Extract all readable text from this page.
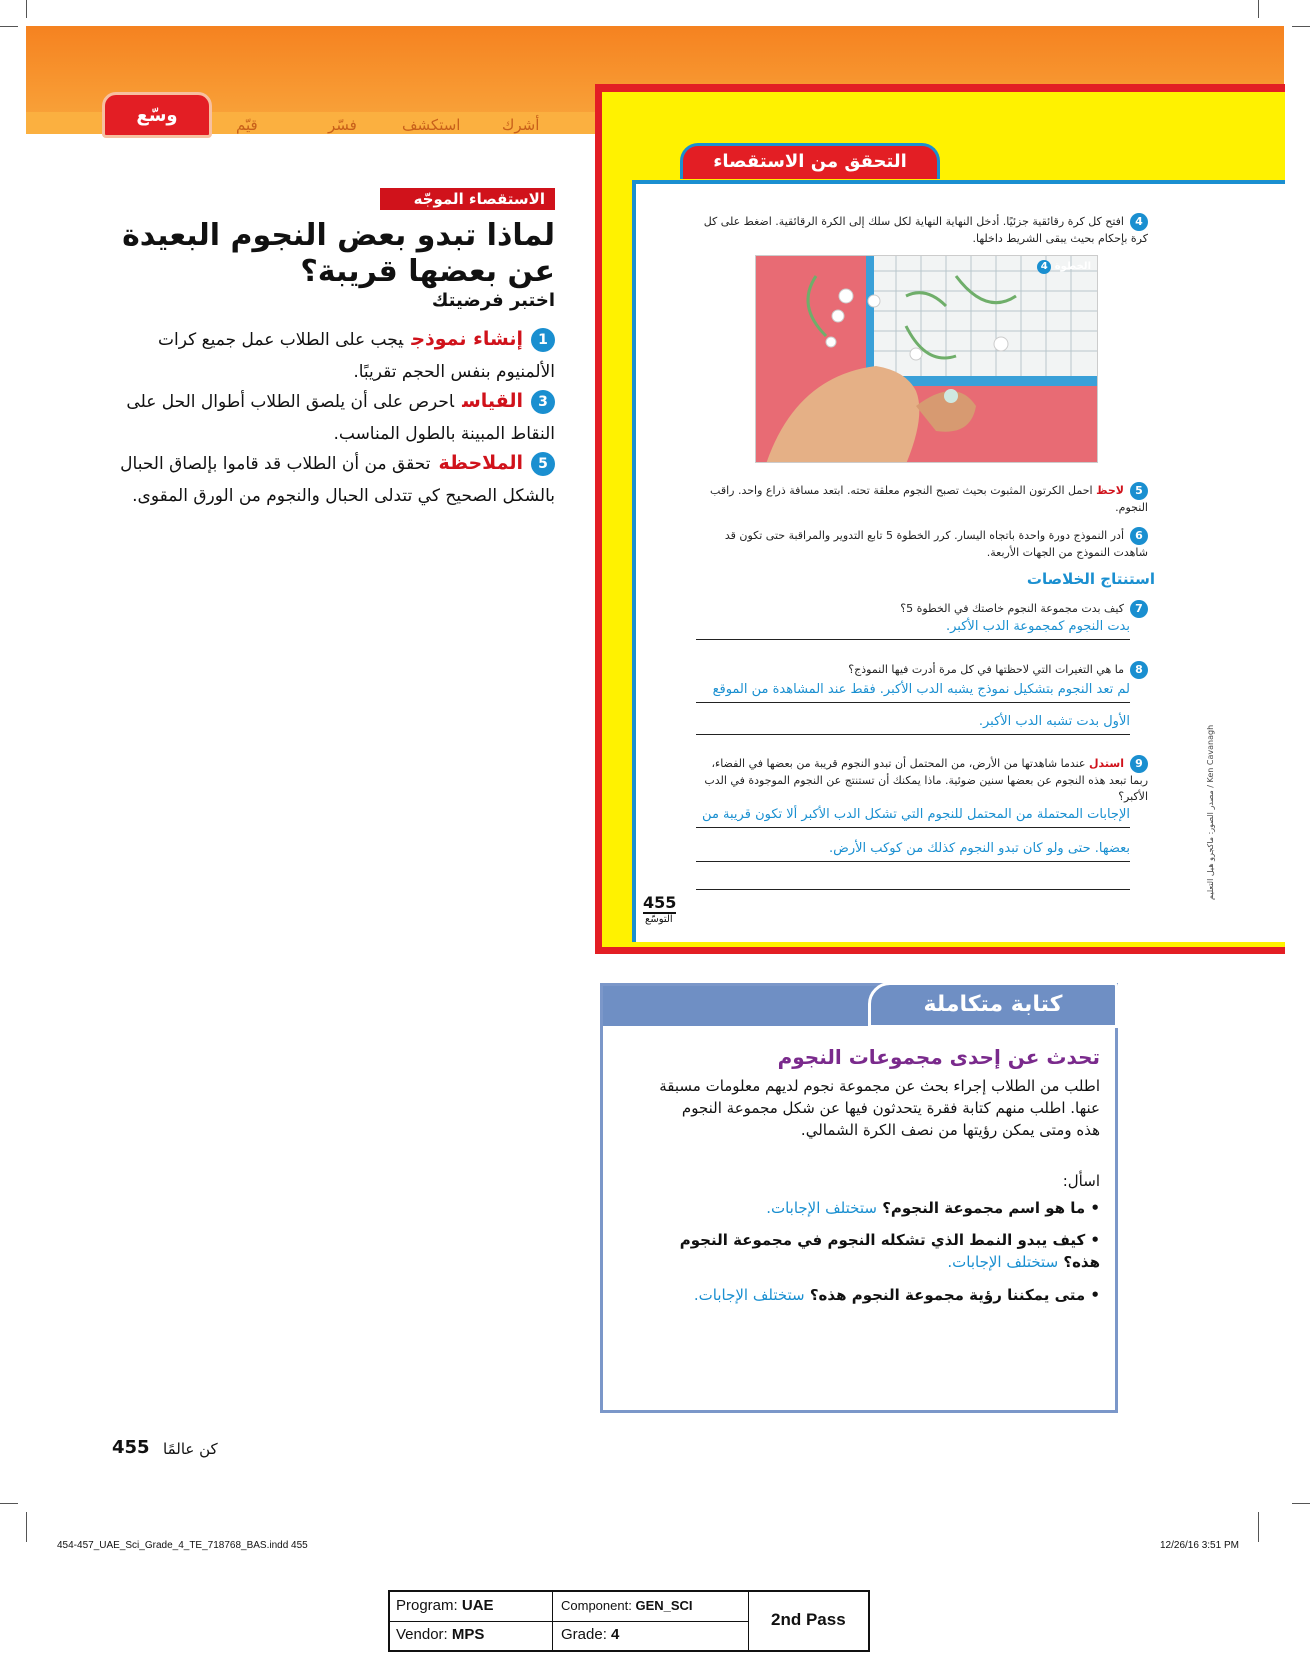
وسّع	قيّم	فسّر	استكشف	أشرك
الاستقصاء الموجّه
لماذا تبدو بعض النجوم البعيدة عن بعضها قريبة؟
اختبر فرضيتك
1إنشاء نموذجيجب على الطلاب عمل جميع كرات الألمنيوم بنفس الحجم تقريبًا.
3القياساحرص على أن يلصق الطلاب أطوال الحل على النقاط المبينة بالطول المناسب.
5الملاحظةتحقق من أن الطلاب قد قاموا بإلصاق الحبال بالشكل الصحيح كي تتدلى الحبال والنجوم من الورق المقوى.
455 كن عالمًا
التحقق من الاستقصاء
4افتح كل كرة رقائقية جزئيًا. أدخل النهاية النهاية لكل سلك إلى الكرة الرقائقية. اضغط على كل كرة بإحكام بحيث يبقى الشريط داخلها.
الخطوة 4
5لاحظ احمل الكرتون المثبوت بحيث تصبح النجوم معلقة تحته. ابتعد مسافة ذراع واحد. راقب النجوم.
6أدر النموذج دورة واحدة باتجاه اليسار. كرر الخطوة 5 تابع التدوير والمراقبة حتى تكون قد شاهدت النموذج من الجهات الأربعة.
استنتاج الخلاصات
7كيف بدت مجموعة النجوم خاصتك في الخطوة 5؟
بدت النجوم كمجموعة الدب الأكبر.
8ما هي التغيرات التي لاحظتها في كل مرة أدرت فيها النموذج؟
لم تعد النجوم بتشكيل نموذج يشبه الدب الأكبر. فقط عند المشاهدة من الموقع
الأول بدت تشبه الدب الأكبر.
9استدل عندما شاهدتها من الأرض، من المحتمل أن تبدو النجوم قريبة من بعضها في الفضاء، ربما تبعد هذه النجوم عن بعضها سنين ضوئية. ماذا يمكنك أن تستنتج عن النجوم الموجودة في الدب الأكبر؟
الإجابات المحتملة من المحتمل للنجوم التي تشكل الدب الأكبر ألا تكون قريبة من
بعضها. حتى ولو كان تبدو النجوم كذلك من كوكب الأرض.
455
التوسّع
مصدر الصور: ماكجرو هيل التعليم / Ken Cavanagh
كتابة متكاملة
تحدث عن إحدى مجموعات النجوم
اطلب من الطلاب إجراء بحث عن مجموعة نجوم لديهم معلومات مسبقة عنها. اطلب منهم كتابة فقرة يتحدثون فيها عن شكل مجموعة النجوم هذه ومتى يمكن رؤيتها من نصف الكرة الشمالي.
اسأل:
• ما هو اسم مجموعة النجوم؟ ستختلف الإجابات.
• كيف يبدو النمط الذي تشكله النجوم في مجموعة النجوم هذه؟ ستختلف الإجابات.
• متى يمكننا رؤية مجموعة النجوم هذه؟ ستختلف الإجابات.
454-457_UAE_Sci_Grade_4_TE_718768_BAS.indd 455	12/26/16 3:51 PM
Program: UAE	Component: GEN_SCI
Vendor: MPS	Grade: 4
2nd Pass
